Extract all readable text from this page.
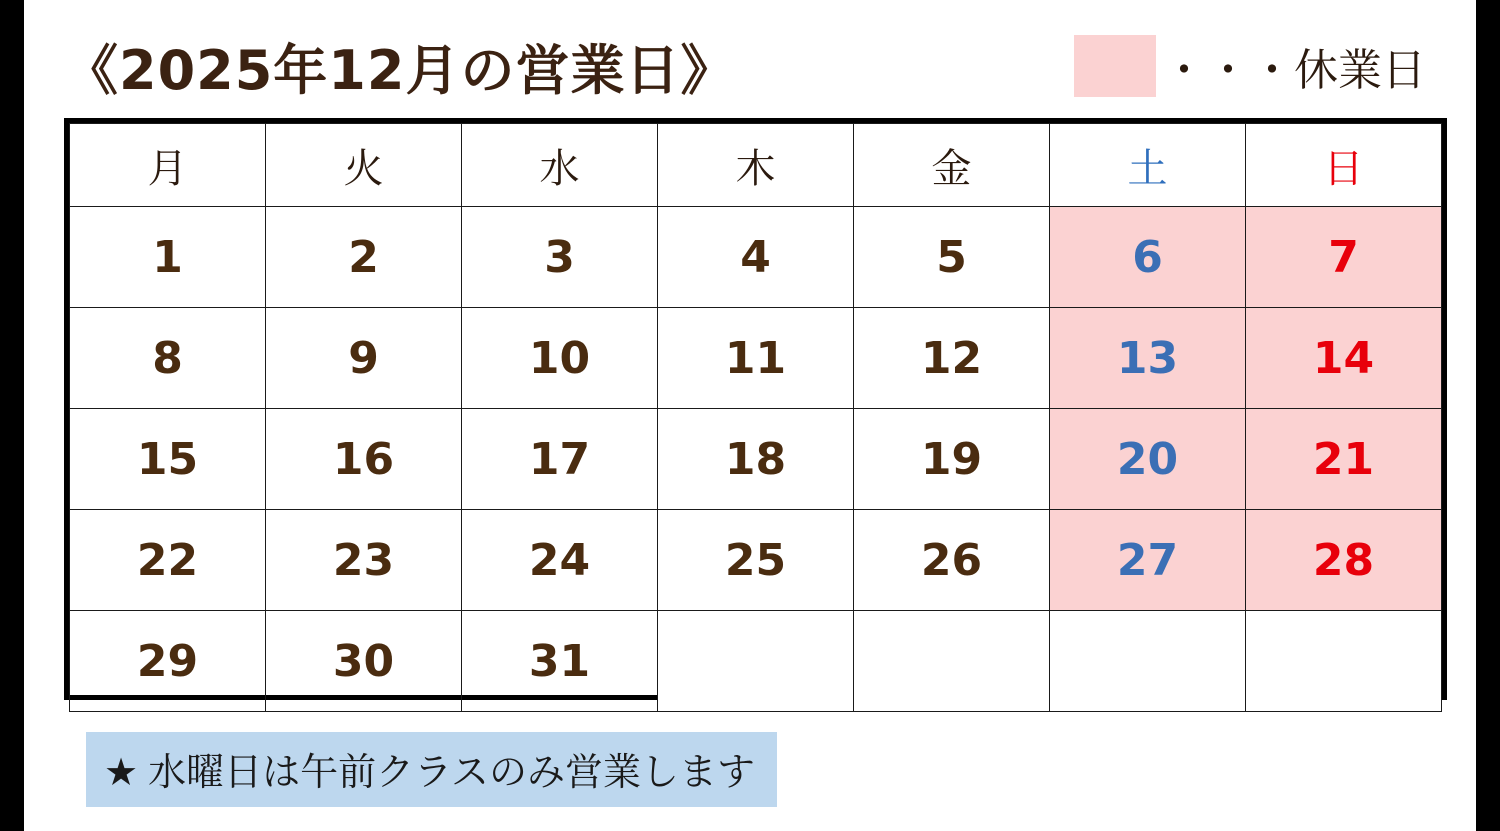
《2025年12月の営業日》	・・・休業日
月	火	水	木	金	土	日
1	2	3	4	5	6	7
8	9	10	11	12	13	14
15	16	17	18	19	20	21
22	23	24	25	26	27	28
29	30	31				
★ 水曜日は午前クラスのみ営業します
